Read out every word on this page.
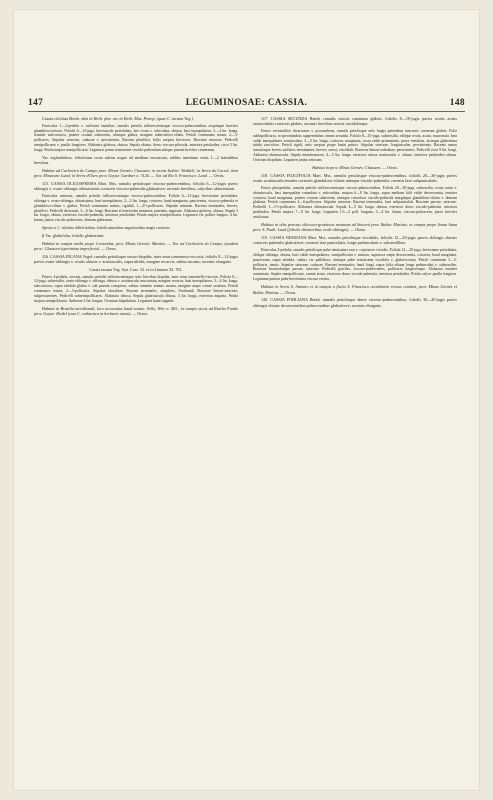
147	LEGUMINOSAE: CASSIA.	148

Cassia ciliolata Benth. olim in Herb. plur. nec in Herb. Mus. Petrop. (quae C. incana Vog.).

Fruticulus 1—2-pedalis v. suffrutex humilior, ramulis petiolis inflorescentiaque viscoso-pubescentibus aequinque breviter glanduloso-setosis. Foliola 6—12-juga, breviuscule petiolulata, late ovata v. orbiculata, obtusa, basi inaequilatera, 3—4 lin. longa, tenuiter subcoriacea, praeter costam subavenia, utrinque glabra, margine tuberculoso-ciliata. Petioli communes tenuis, 2—3-pollicares. Stipulae setaceae, caducae v. persistentes. Racemi pluriflori, foliis saepius breviores. Bracteae setaceae. Pedicelli semipollicares v. paullo longiores. Alabastra globosa, obtusa. Sepala obtusa, dorso viscoso-pilosula, interiora petaloidea, circa 3 lin. longa. Petala majora semipollicaria. Legumen junius tenuissime viscido-puberulum antique passim breviter cinnereum.

Var. eiglandulosa, foliolorum costa subtus usque ad medium incrassata, additis interdum venis 1—2 lateralibus brevibus.

Habitat ad Cachoeira do Campo prov. Minas Geraës: Claussen; in monte Itabiri: Weddell; in Serra do Curral, item prov. Minarum: Lund; in Serra d'Ouro prov. Goyaz: Gardner n. 3126. — Var. ad Rio S. Francisco: Lund. — Oreas.

115. CASSIA OLIGOSPERMA Mart. Mss. ramulis petiolisque viscoso-pubescentibus, foliolis 6—12-jugis parvis oblongis v. ovato-oblongis obtusissimis coriaceis viscoso-puberulis glabratisve; racemis brevibus, calycibus obtusissimis.

Fruticulus ramosus, ramulis petiolis inflorescentiaque viscoso-pubescentibus. Foliola 6—12-juga, brevissime petiolulata, oblonga v. ovato-oblonga, obtusissima, basi inaequilatera, 2—3 lin. longa, coriacea, haud marginata, paucivenia, viscoso-puberula et glanduloso-ciliata v. glabra. Petioli communes tenues, rigiduli, 1—2½-pollicares. Stipulae minutae. Racemi terminales, breves, pluriflori. Pedicelli divaricati, 3—6 lin. longi. Bracteae et bracteolae minimae, patentes, angustae. Alabastra globosa, obtusa. Sepala 3 lin. longa, obtusa, exteriora viscido-puberula, interiora petaloidea. Petala majora semipollicaria. Legumen vix pollice longius, 4 lin. latum, junius viscido-pubescens, demum glabratum.

Species a C. ciliolata differt habitu, foliolis minoribus angustioribus magis coriaceis.

β Var. glabrifolia, foliolis glaberrimis.

Habitat in campis aridis prope Contendas, prov. Minas Geraës: Martius. — Var. ad Cachoeira do Campo, ejusdem prov.: Claussen (specimina imperfecta). — Oreas.

116. CASSIA INCANA Vogel: ramulis petiolisque setoso-hispidis, inter setas tomentoso-viscosis; foliolis 8—12-jugis parvis ovato-oblongis v. ovatis obtusis v. acutiusculis, supra nitidis, margine recurvis, subtus incanis; racemis elongatis.

Cassia incana Vog. Syn. Cass. 52. et in Linnaea XI. 701.

Frutex 4-pedalis, erectus, ramulis petiolis inflorescentiaque setis brevibus hispidis, inter setas tomentello-viscosis. Foliola 8—12-juga, subsessilia, ovato-oblonga v. oblonga, obtusa v. acutiuscula, mucronata, margine recurva, basi inaequilatera, 3—6 lin. longa, subcoriacea, supra nitidula glabra v. sub passim conspersa, subtus tomento minuto incana, margine aeque costae setulosa. Petioli communes tenuis, 2—3-pollicaria. Stipulae obsoletae. Racemi terminales, simplices, floribundi. Bracteae lineari-setaceae, subpersistentes. Pedicelli subsemipollicares. Alabastra obtusa. Sepala glabriuscula obtusa, 3 lin. longa, exteriora angusta. Petala majora semipollicaria. Antherae 2 lin. longae. Ovarium hispidulum. Legumen haud suppetit.

Habitat in Brasilia meridionali, loco accuratius haud notato: Sello, Weir n. 403.; in campis siccis ad Riacho Fundo prov. Goyaz: Riedel (cum C. cathartica in herbario mixta). — Oreas.

117. CASSIA SECUNDA Benth. ramulis setosis castanum glabris, foliolis 8—10-jugis parvis ovatis acutis semicordatis coriaceis glabris; racemis brevibus setosis viscidulisque.

Frutex verisimiliter divaricatus v. procumbens, ramulis petiolisque setis longis patentibus instructis caeterum glabris. Folia subbipollicaria, in speciminibus suppetentibus omnia secunda. Foliola 8—10-juga, subsessilia, oblique ovata, acuta, mucronata, basi valde inaequilatera semicordata, 3—5 lin. longa, coriacea, marginata, costa valde prominente, parce venulosa, utrinque glaberrima nitida concolora. Petioli rigidi, setis saepius prope basin paucis. Stipulae setaceae, longiusculae, persistentes. Racemi ramos ramulosque breves axillares terminantes, breves, setosi, viscidiuli. Bracteae lineari-subulatae, persistentes. Pedicelli circa 9 lin. longi. Alabastra obtusiuscula. Sepala membranacea, 4—5 lin. longa, exteriora setosa acutiuscula v. obtusa, interiora petaloidea obtusa. Ovarium hispidum. Legumen junius setosum.

Habitat in prov. Minas Geraës: Claussen. — Oreas.

118. CASSIA FILICIFOLIA Mart. Mss. ramulis petiolisque viscoso-pubescentibus, foliolis 20—30-jugis parvis ovatis acutiusculis tenuiter coriaceis glanduloso-ciliatis utrinque viscido-puberulis; racemis laxe subpaniculatis.

Frutex pluripedalis, ramulis petiolis inflorescentiaque viscoso-pubescentibus. Foliola 20—30-juga, subsessilia, ovata acuta v. obtusiuscula, basi inaequaliter rotundata v. subcordata, majora 6—8 lin. longa, supra medium folii valde decrescentia, tenuiter coriacea, haud marginata, praeter costam subavenia, utrinque concolora viscido-puberula marginque glanduloso-ciliata v. demum glabrata. Petioli communes 4—6-pollicares. Stipulae setaceae. Racemi terminales, laxe subpaniculati. Bracteae parvae, setaceae. Pedicelli 1—1½-pollicares. Alabastra obtusiuscula. Sepala 4—5 lin. longa, obtusa, exteriora dorso viscido-puberula, interiora petaloidea. Petala majora 7—8 lin. longa. Legumen 1½—2 poll. longum, 3—4 lin. latum, viscoso-pubescens, parce breviter setulosum.

Habitat in altis petrosis siliceoso-granitosis montium ad Sincorá prov. Bahia: Martius; in campis prope Santa Anna prov. S. Pauli: Lund (foliolis obtusioribus ovali-oblongis). — Oreas.

119. CASSIA NEESIANA Mart. Mss. ramulis petiolisque viscidulis, foliolis 12—20-jugis parvis oblongis obtusis coriaceis puberulis glabratisve; racemis laxe paniculatis, longe pedunculatis v. subsessilibus.

Fruticulus 3-pedalis, ramulis petiolisque pube tenuissima rara v. copiosiore viscidis. Foliola 12—20-juga, brevissime petiolulata, oblique oblonga, obtusa, basi valde inaequilatera, semipollicaria v. minora, superiora saepe decrescentia, coriacea, haud marginata, paucivenia, supra nitidula, subtus vix pallidiora, utrinque pube tenuissima viscidula v. glabrescentia. Petioli communis 3—5-pollicaris, tenuis. Stipulae setaceae, caducae. Racemi terminales, haud longi, supra folia ultima longe pedunculati v. subsessiles. Bracteae bracteolaeque parvae, setaceae. Pedicelli graciles, viscoso-pubescentes, pollicares longioresque. Alabastra tenuiter acuminata. Sepala semipollicaria, omnia acuta, exteriora dorso viscido-puberula, interiora petaloidea. Petala calyce paullo longiora. Legumina juniora pube brevissima viscosa vestita.

Habitat in Serra S. Antonio et in campis a fluvio S. Francisco occidentem versus comitiis, prov. Minas Geraës et Bahia: Martius. — Oreas.

120. CASSIA POHLIANA Benth. ramulis petiolisque dense viscoso-pubescentibus; foliolis 30—40-jugis parvis oblongis obtusis decrescentibus pubescentibus glabrativve; racemis elongatis.
